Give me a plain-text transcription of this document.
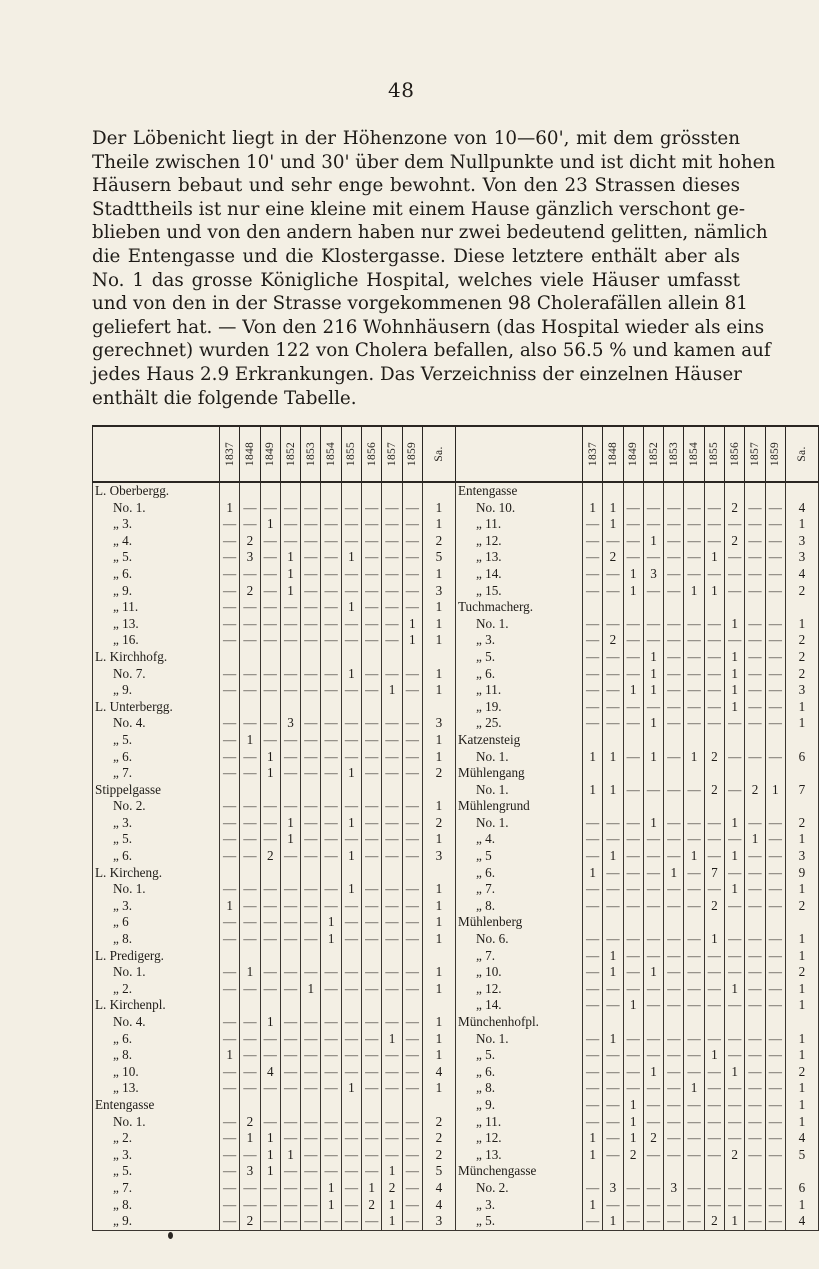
48
Der Löbenicht liegt in der Höhenzone von 10—60', mit dem grössten
Theile zwischen 10' und 30' über dem Nullpunkte und ist dicht mit hohen
Häusern bebaut und sehr enge bewohnt. Von den 23 Strassen dieses
Stadttheils ist nur eine kleine mit einem Hause gänzlich verschont ge-
blieben und von den andern haben nur zwei bedeutend gelitten, nämlich
die Entengasse und die Klostergasse. Diese letztere enthält aber als
No. 1 das grosse Königliche Hospital, welches viele Häuser umfasst
und von den in der Strasse vorgekommenen 98 Cholerafällen allein 81
geliefert hat. — Von den 216 Wohnhäusern (das Hospital wieder als eins
gerechnet) wurden 122 von Cholera befallen, also 56.5 % und kamen auf
jedes Haus 2.9 Erkrankungen. Das Verzeichniss der einzelnen Häuser
enthält die folgende Tabelle.

	1837	1848	1849	1852	1853	1854	1855	1856	1857	1859	Sa.		1837	1848	1849	1852	1853	1854	1855	1856	1857	1859	Sa.

L. Oberbergg.												Entengasse											
No. 1.	1	—	—	—	—	—	—	—	—	—	1	No. 10.	1	1	—	—	—	—	—	2	—	—	4
„ 3.	—	—	1	—	—	—	—	—	—	—	1	„ 11.	—	1	—	—	—	—	—	—	—	—	1
„ 4.	—	2	—	—	—	—	—	—	—	—	2	„ 12.	—	—	—	1	—	—	—	2	—	—	3
„ 5.	—	3	—	1	—	—	1	—	—	—	5	„ 13.	—	2	—	—	—	—	1	—	—	—	3
„ 6.	—	—	—	1	—	—	—	—	—	—	1	„ 14.	—	—	1	3	—	—	—	—	—	—	4
„ 9.	—	2	—	1	—	—	—	—	—	—	3	„ 15.	—	—	1	—	—	1	1	—	—	—	2
„ 11.	—	—	—	—	—	—	1	—	—	—	1	Tuchmacherg.											
„ 13.	—	—	—	—	—	—	—	—	—	1	1	No. 1.	—	—	—	—	—	—	—	1	—	—	1
„ 16.	—	—	—	—	—	—	—	—	—	1	1	„ 3.	—	2	—	—	—	—	—	—	—	—	2
L. Kirchhofg.												„ 5.	—	—	—	1	—	—	—	1	—	—	2
No. 7.	—	—	—	—	—	—	1	—	—	—	1	„ 6.	—	—	—	1	—	—	—	1	—	—	2
„ 9.	—	—	—	—	—	—	—	—	1	—	1	„ 11.	—	—	1	1	—	—	—	1	—	—	3
L. Unterbergg.												„ 19.	—	—	—	—	—	—	—	1	—	—	1
No. 4.	—	—	—	3	—	—	—	—	—	—	3	„ 25.	—	—	—	1	—	—	—	—	—	—	1
„ 5.	—	1	—	—	—	—	—	—	—	—	1	Katzensteig											
„ 6.	—	—	1	—	—	—	—	—	—	—	1	No. 1.	1	1	—	1	—	1	2	—	—	—	6
„ 7.	—	—	1	—	—	—	1	—	—	—	2	Mühlengang											
Stippelgasse												No. 1.	1	1	—	—	—	—	2	—	2	1	7
No. 2.	—	—	—	—	—	—	—	—	—	—	1	Mühlengrund											
„ 3.	—	—	—	1	—	—	1	—	—	—	2	No. 1.	—	—	—	1	—	—	—	1	—	—	2
„ 5.	—	—	—	1	—	—	—	—	—	—	1	„ 4.	—	—	—	—	—	—	—	—	1	—	1
„ 6.	—	—	2	—	—	—	1	—	—	—	3	„ 5	—	1	—	—	—	1	—	1	—	—	3
L. Kircheng.												„ 6.	1	—	—	—	1	—	7	—	—	—	9
No. 1.	—	—	—	—	—	—	1	—	—	—	1	„ 7.	—	—	—	—	—	—	—	1	—	—	1
„ 3.	1	—	—	—	—	—	—	—	—	—	1	„ 8.	—	—	—	—	—	—	2	—	—	—	2
„ 6	—	—	—	—	—	1	—	—	—	—	1	Mühlenberg											
„ 8.	—	—	—	—	—	1	—	—	—	—	1	No. 6.	—	—	—	—	—	—	1	—	—	—	1
L. Predigerg.												„ 7.	—	1	—	—	—	—	—	—	—	—	1
No. 1.	—	1	—	—	—	—	—	—	—	—	1	„ 10.	—	1	—	1	—	—	—	—	—	—	2
„ 2.	—	—	—	—	1	—	—	—	—	—	1	„ 12.	—	—	—	—	—	—	—	1	—	—	1
L. Kirchenpl.												„ 14.	—	—	1	—	—	—	—	—	—	—	1
No. 4.	—	—	1	—	—	—	—	—	—	—	1	Münchenhofpl.											
„ 6.	—	—	—	—	—	—	—	—	1	—	1	No. 1.	—	1	—	—	—	—	—	—	—	—	1
„ 8.	1	—	—	—	—	—	—	—	—	—	1	„ 5.	—	—	—	—	—	—	1	—	—	—	1
„ 10.	—	—	4	—	—	—	—	—	—	—	4	„ 6.	—	—	—	1	—	—	—	1	—	—	2
„ 13.	—	—	—	—	—	—	1	—	—	—	1	„ 8.	—	—	—	—	—	1	—	—	—	—	1
Entengasse												„ 9.	—	—	1	—	—	—	—	—	—	—	1
No. 1.	—	2	—	—	—	—	—	—	—	—	2	„ 11.	—	—	1	—	—	—	—	—	—	—	1
„ 2.	—	1	1	—	—	—	—	—	—	—	2	„ 12.	1	—	1	2	—	—	—	—	—	—	4
„ 3.	—	—	1	1	—	—	—	—	—	—	2	„ 13.	1	—	2	—	—	—	—	2	—	—	5
„ 5.	—	3	1	—	—	—	—	—	1	—	5	Münchengasse											
„ 7.	—	—	—	—	—	1	—	1	2	—	4	No. 2.	—	3	—	—	3	—	—	—	—	—	6
„ 8.	—	—	—	—	—	1	—	2	1	—	4	„ 3.	1	—	—	—	—	—	—	—	—	—	1
„ 9.	—	2	—	—	—	—	—	—	1	—	3	„ 5.	—	1	—	—	—	—	2	1	—	—	4
